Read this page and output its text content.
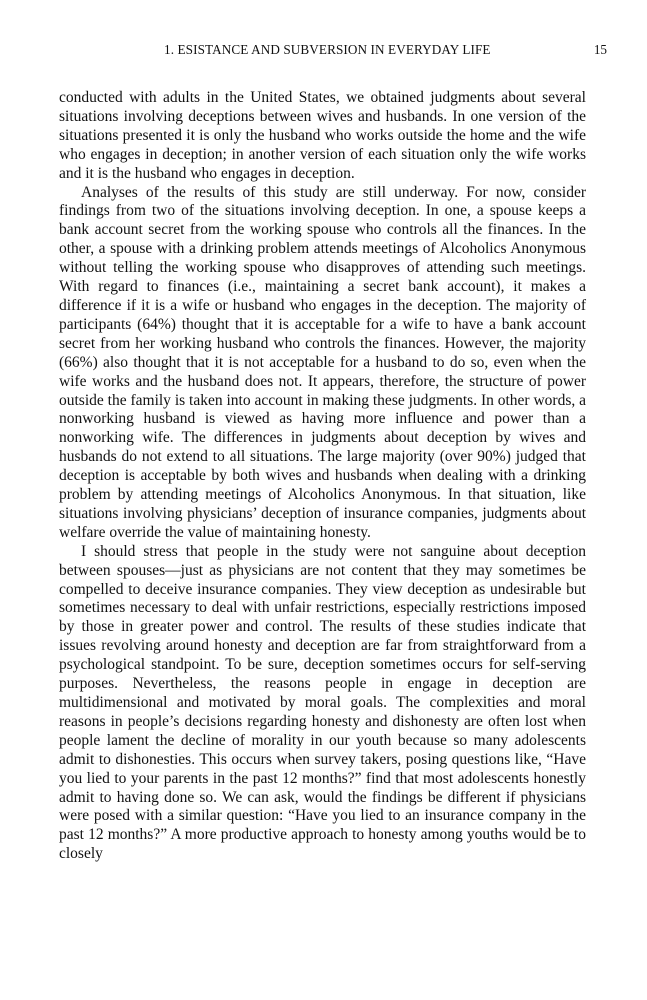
1. ESISTANCE AND SUBVERSION IN EVERYDAY LIFE	15

conducted with adults in the United States, we obtained judgments about several situations involving deceptions between wives and husbands. In one version of the situations presented it is only the husband who works outside the home and the wife who engages in deception; in another version of each situation only the wife works and it is the husband who engages in deception.

Analyses of the results of this study are still underway. For now, consider findings from two of the situations involving deception. In one, a spouse keeps a bank account secret from the working spouse who controls all the finances. In the other, a spouse with a drinking problem attends meetings of Alcoholics Anonymous without telling the working spouse who disapproves of attending such meetings. With regard to finances (i.e., maintaining a secret bank account), it makes a difference if it is a wife or husband who engages in the deception. The majority of participants (64%) thought that it is acceptable for a wife to have a bank account secret from her working husband who controls the finances. However, the majority (66%) also thought that it is not acceptable for a husband to do so, even when the wife works and the husband does not. It appears, therefore, the structure of power outside the family is taken into account in making these judgments. In other words, a nonworking husband is viewed as having more influence and power than a nonworking wife. The differences in judgments about deception by wives and husbands do not extend to all situations. The large majority (over 90%) judged that deception is acceptable by both wives and husbands when dealing with a drinking problem by attending meetings of Alcoholics Anonymous. In that situation, like situations involving physicians’ deception of insurance companies, judgments about welfare override the value of maintaining honesty.

I should stress that people in the study were not sanguine about deception between spouses—just as physicians are not content that they may sometimes be compelled to deceive insurance companies. They view deception as undesirable but sometimes necessary to deal with unfair restrictions, especially restrictions imposed by those in greater power and control. The results of these studies indicate that issues revolving around honesty and deception are far from straightforward from a psychological standpoint. To be sure, deception sometimes occurs for self-serving purposes. Nevertheless, the reasons people in engage in deception are multidimensional and motivated by moral goals. The complexities and moral reasons in people’s decisions regarding honesty and dishonesty are often lost when people lament the decline of morality in our youth because so many adolescents admit to dishonesties. This occurs when survey takers, posing questions like, “Have you lied to your parents in the past 12 months?” find that most adolescents honestly admit to having done so. We can ask, would the findings be different if physicians were posed with a similar question: “Have you lied to an insurance company in the past 12 months?” A more productive approach to honesty among youths would be to closely
